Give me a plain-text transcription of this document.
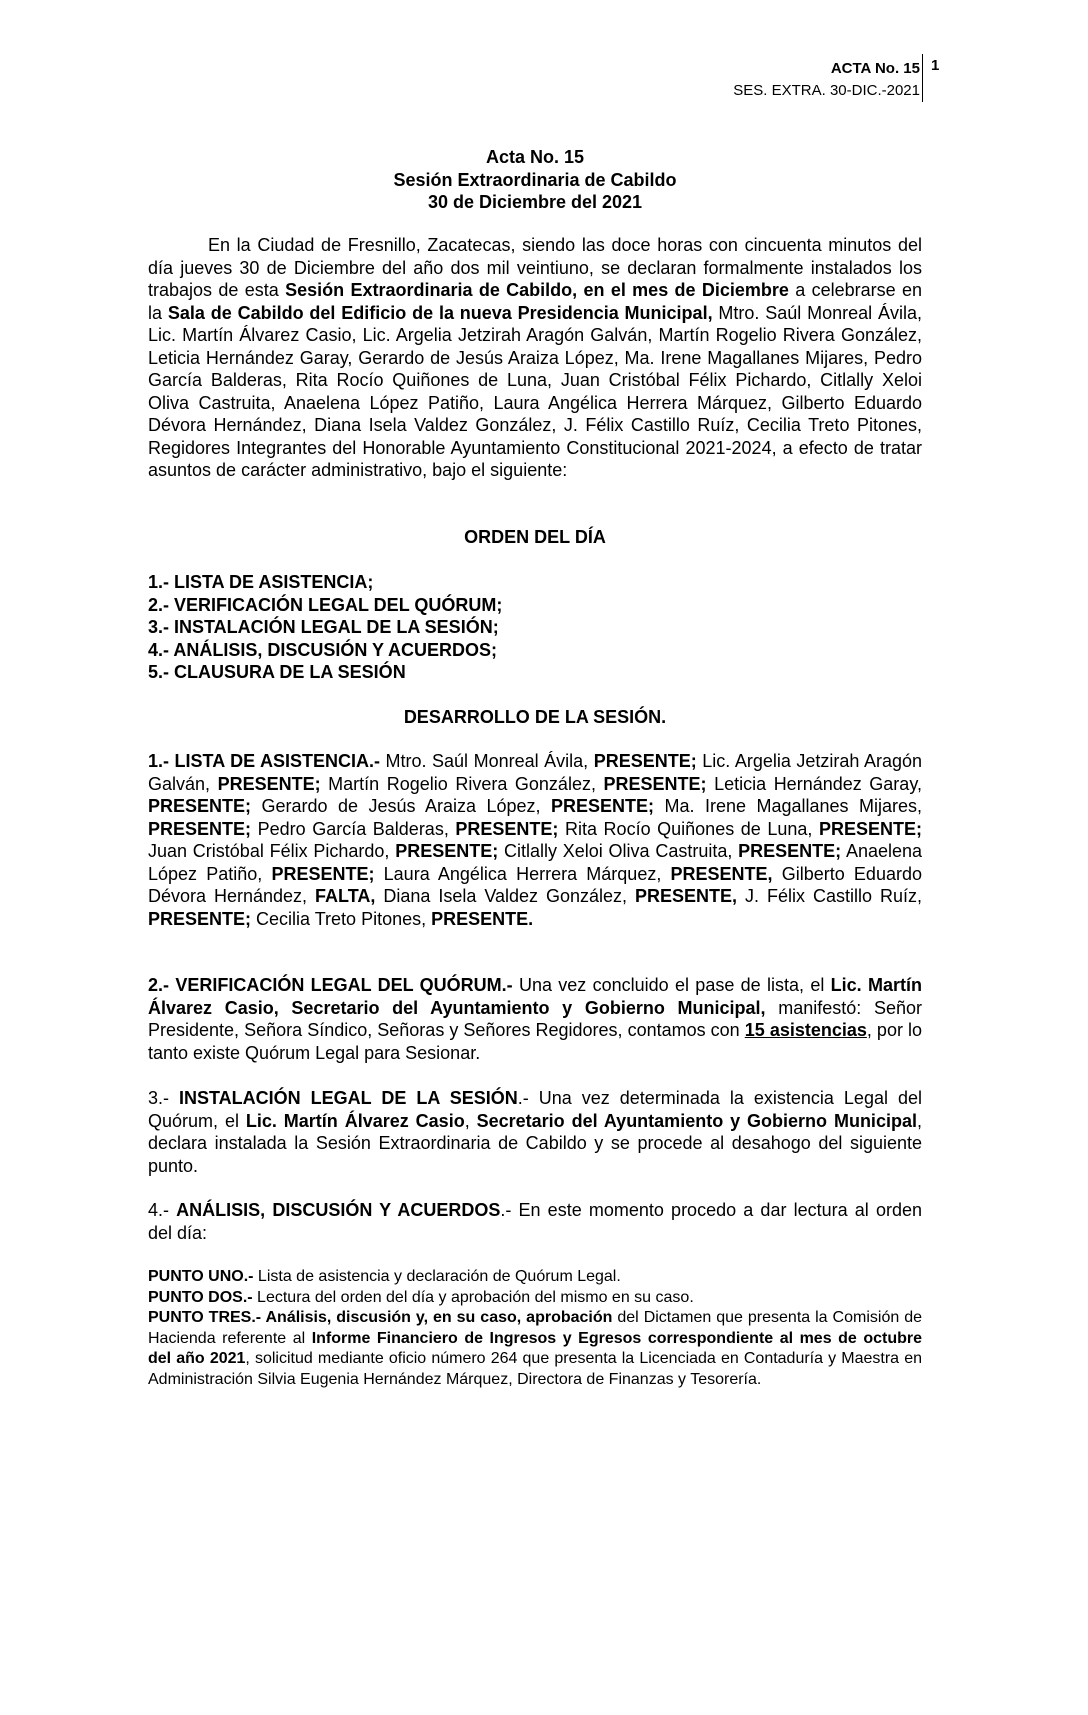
ACTA No. 15
SES. EXTRA. 30-DIC.-2021
1
Acta No. 15
Sesión Extraordinaria de Cabildo
30 de Diciembre del 2021
En la Ciudad de Fresnillo, Zacatecas, siendo las doce horas con cincuenta minutos del día jueves 30 de Diciembre del año dos mil veintiuno, se declaran formalmente instalados los trabajos de esta Sesión Extraordinaria de Cabildo, en el mes de Diciembre a celebrarse en la Sala de Cabildo del Edificio de la nueva Presidencia Municipal, Mtro. Saúl Monreal Ávila, Lic. Martín Álvarez Casio, Lic. Argelia Jetzirah Aragón Galván, Martín Rogelio Rivera González, Leticia Hernández Garay, Gerardo de Jesús Araiza López, Ma. Irene Magallanes Mijares, Pedro García Balderas, Rita Rocío Quiñones de Luna, Juan Cristóbal Félix Pichardo, Citlally Xeloi Oliva Castruita, Anaelena López Patiño, Laura Angélica Herrera Márquez, Gilberto Eduardo Dévora Hernández, Diana Isela Valdez González, J. Félix Castillo Ruíz, Cecilia Treto Pitones, Regidores Integrantes del Honorable Ayuntamiento Constitucional 2021-2024, a efecto de tratar asuntos de carácter administrativo, bajo el siguiente:
ORDEN DEL DÍA
1.- LISTA DE ASISTENCIA;
2.- VERIFICACIÓN LEGAL DEL QUÓRUM;
3.- INSTALACIÓN LEGAL DE LA SESIÓN;
4.- ANÁLISIS, DISCUSIÓN Y ACUERDOS;
5.- CLAUSURA DE LA SESIÓN
DESARROLLO DE LA SESIÓN.
1.- LISTA DE ASISTENCIA.- Mtro. Saúl Monreal Ávila, PRESENTE; Lic. Argelia Jetzirah Aragón Galván, PRESENTE; Martín Rogelio Rivera González, PRESENTE; Leticia Hernández Garay, PRESENTE; Gerardo de Jesús Araiza López, PRESENTE; Ma. Irene Magallanes Mijares, PRESENTE; Pedro García Balderas, PRESENTE; Rita Rocío Quiñones de Luna, PRESENTE; Juan Cristóbal Félix Pichardo, PRESENTE; Citlally Xeloi Oliva Castruita, PRESENTE; Anaelena López Patiño, PRESENTE; Laura Angélica Herrera Márquez, PRESENTE, Gilberto Eduardo Dévora Hernández, FALTA, Diana Isela Valdez González, PRESENTE, J. Félix Castillo Ruíz, PRESENTE; Cecilia Treto Pitones, PRESENTE.
2.- VERIFICACIÓN LEGAL DEL QUÓRUM.- Una vez concluido el pase de lista, el Lic. Martín Álvarez Casio, Secretario del Ayuntamiento y Gobierno Municipal, manifestó: Señor Presidente, Señora Síndico, Señoras y Señores Regidores, contamos con 15 asistencias, por lo tanto existe Quórum Legal para Sesionar.
3.- INSTALACIÓN LEGAL DE LA SESIÓN.- Una vez determinada la existencia Legal del Quórum, el Lic. Martín Álvarez Casio, Secretario del Ayuntamiento y Gobierno Municipal, declara instalada la Sesión Extraordinaria de Cabildo y se procede al desahogo del siguiente punto.
4.- ANÁLISIS, DISCUSIÓN Y ACUERDOS.- En este momento procedo a dar lectura al orden del día:
PUNTO UNO.- Lista de asistencia y declaración de Quórum Legal.
PUNTO DOS.- Lectura del orden del día y aprobación del mismo en su caso.
PUNTO TRES.- Análisis, discusión y, en su caso, aprobación del Dictamen que presenta la Comisión de Hacienda referente al Informe Financiero de Ingresos y Egresos correspondiente al mes de octubre del año 2021, solicitud mediante oficio número 264 que presenta la Licenciada en Contaduría y Maestra en Administración Silvia Eugenia Hernández Márquez, Directora de Finanzas y Tesorería.
